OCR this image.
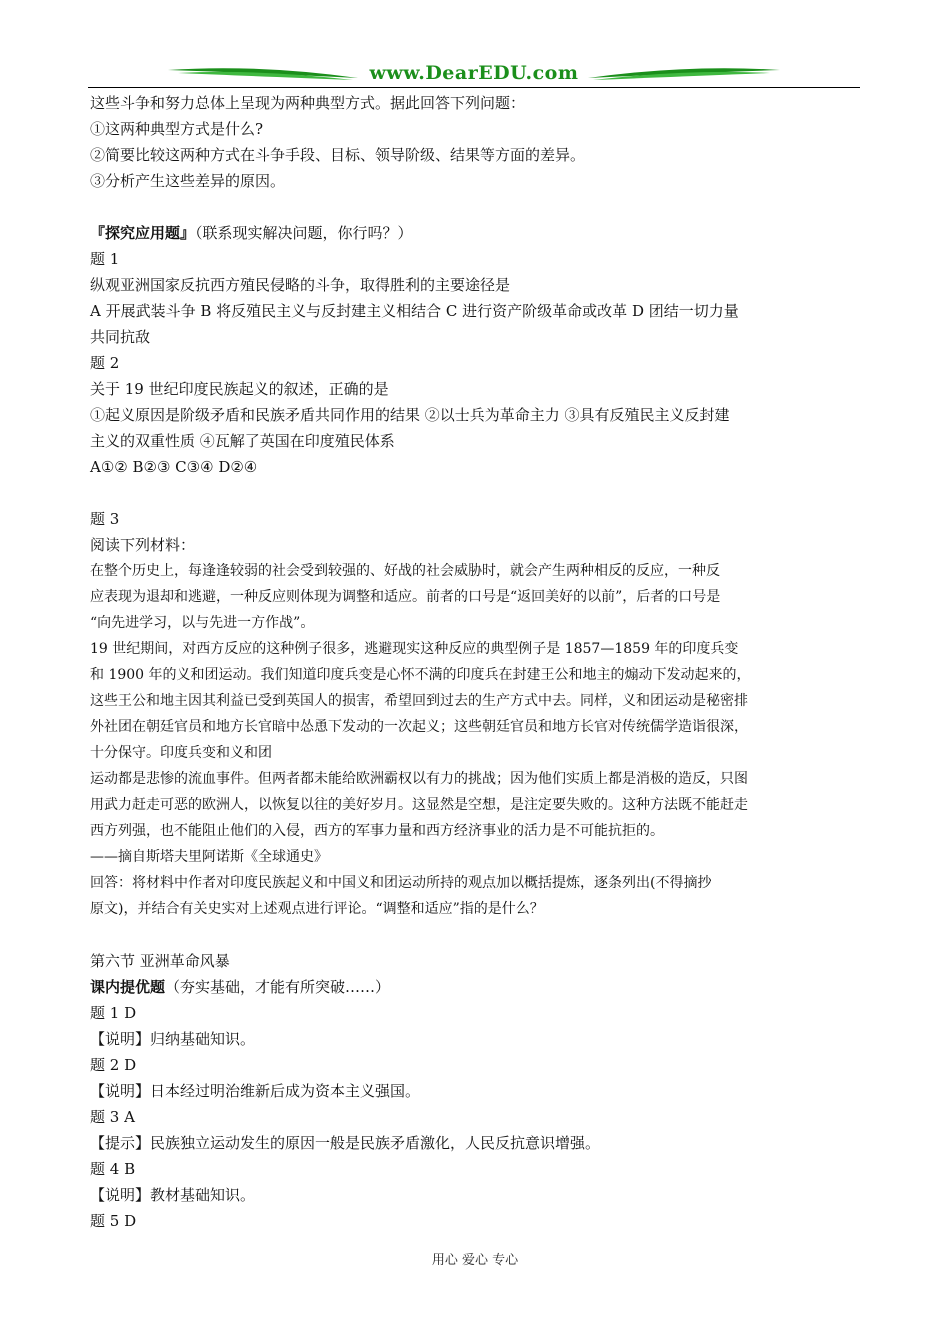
www.DearEDU.com
这些斗争和努力总体上呈现为两种典型方式。据此回答下列问题：
①这两种典型方式是什么?
②简要比较这两种方式在斗争手段、目标、领导阶级、结果等方面的差异。
③分析产生这些差异的原因。
『探究应用题』（联系现实解决问题，你行吗？）
题 1
纵观亚洲国家反抗西方殖民侵略的斗争，取得胜利的主要途径是
A 开展武装斗争 B 将反殖民主义与反封建主义相结合 C 进行资产阶级革命或改革 D 团结一切力量
共同抗敌
题 2
关于 19 世纪印度民族起义的叙述，正确的是
①起义原因是阶级矛盾和民族矛盾共同作用的结果 ②以士兵为革命主力 ③具有反殖民主义反封建
主义的双重性质 ④瓦解了英国在印度殖民体系
A①② B②③ C③④ D②④
题 3
阅读下列材料：
在整个历史上，每逢逢较弱的社会受到较强的、好战的社会威胁时，就会产生两种相反的反应，一种反
应表现为退却和逃避，一种反应则体现为调整和适应。前者的口号是“返回美好的以前”，后者的口号是
“向先进学习，以与先进一方作战”。
19 世纪期间，对西方反应的这种例子很多，逃避现实这种反应的典型例子是 1857—1859 年的印度兵变
和 1900 年的义和团运动。我们知道印度兵变是心怀不满的印度兵在封建王公和地主的煽动下发动起来的，
这些王公和地主因其利益已受到英国人的损害，希望回到过去的生产方式中去。同样，义和团运动是秘密排
外社团在朝廷官员和地方长官暗中怂恿下发动的一次起义；这些朝廷官员和地方长官对传统儒学造诣很深，
十分保守。印度兵变和义和团
运动都是悲惨的流血事件。但两者都未能给欧洲霸权以有力的挑战；因为他们实质上都是消极的造反，只图
用武力赶走可恶的欧洲人，以恢复以往的美好岁月。这显然是空想，是注定要失败的。这种方法既不能赶走
西方列强，也不能阻止他们的入侵，西方的军事力量和西方经济事业的活力是不可能抗拒的。
——摘自斯塔夫里阿诺斯《全球通史》
回答：将材料中作者对印度民族起义和中国义和团运动所持的观点加以概括提炼，逐条列出(不得摘抄
原文)，并结合有关史实对上述观点进行评论。“调整和适应”指的是什么？
第六节 亚洲革命风暴
课内提优题（夯实基础，才能有所突破……）
题 1 D
【说明】归纳基础知识。
题 2 D
【说明】日本经过明治维新后成为资本主义强国。
题 3 A
【提示】民族独立运动发生的原因一般是民族矛盾激化，人民反抗意识增强。
题 4 B
【说明】教材基础知识。
题 5 D
用心 爱心 专心
